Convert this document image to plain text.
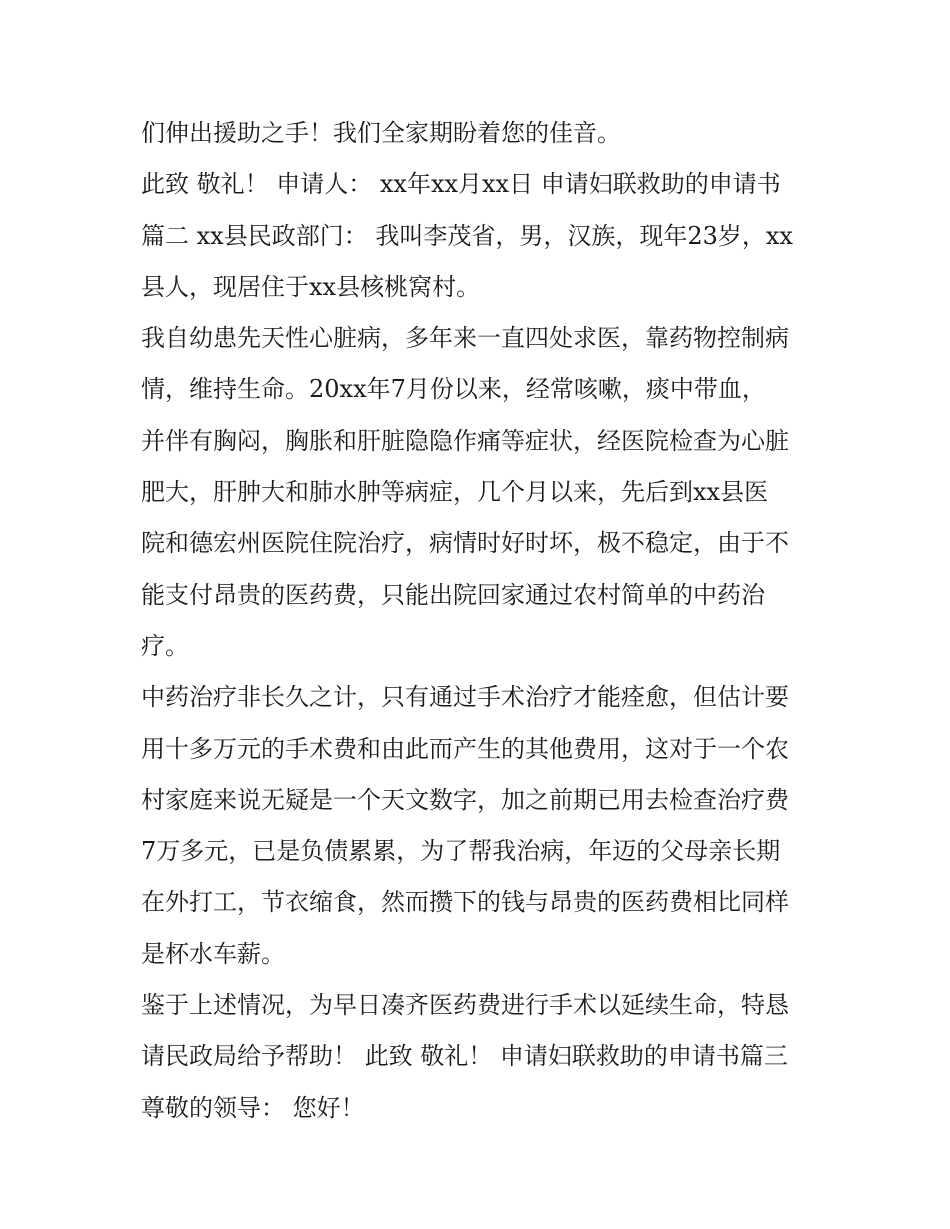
们伸出援助之手！我们全家期盼着您的佳音。
此致 敬礼！ 申请人： xx年xx月xx日 申请妇联救助的申请书
篇二 xx县民政部门： 我叫李茂省，男，汉族，现年23岁，xx
县人，现居住于xx县核桃窝村。
我自幼患先天性心脏病，多年来一直四处求医，靠药物控制病
情，维持生命。20xx年7月份以来，经常咳嗽，痰中带血，
并伴有胸闷，胸胀和肝脏隐隐作痛等症状，经医院检查为心脏
肥大，肝肿大和肺水肿等病症，几个月以来，先后到xx县医
院和德宏州医院住院治疗，病情时好时坏，极不稳定，由于不
能支付昂贵的医药费，只能出院回家通过农村简单的中药治
疗。
中药治疗非长久之计，只有通过手术治疗才能痊愈，但估计要
用十多万元的手术费和由此而产生的其他费用，这对于一个农
村家庭来说无疑是一个天文数字，加之前期已用去检查治疗费
7万多元，已是负债累累，为了帮我治病，年迈的父母亲长期
在外打工，节衣缩食，然而攒下的钱与昂贵的医药费相比同样
是杯水车薪。
鉴于上述情况，为早日凑齐医药费进行手术以延续生命，特恳
请民政局给予帮助！ 此致 敬礼！ 申请妇联救助的申请书篇三
尊敬的领导： 您好！
